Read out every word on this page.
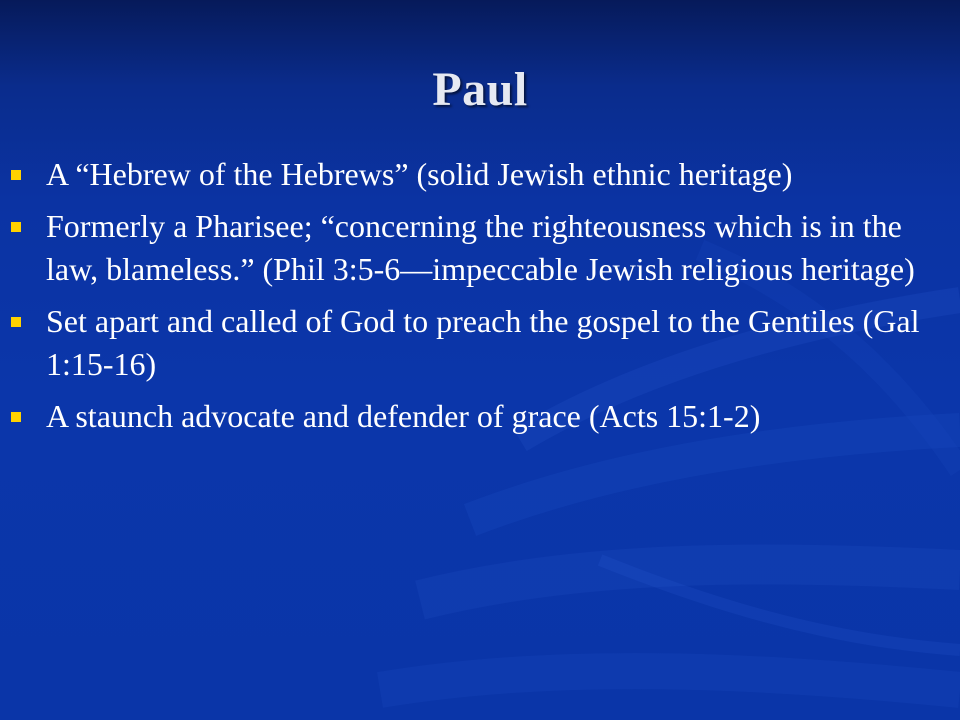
Paul
A “Hebrew of the Hebrews” (solid Jewish ethnic heritage)
Formerly a Pharisee; “concerning the righteousness which is in the law, blameless.” (Phil 3:5-6—impeccable Jewish religious heritage)
Set apart and called of God to preach the gospel to the Gentiles (Gal 1:15-16)
A staunch advocate and defender of grace (Acts 15:1-2)
